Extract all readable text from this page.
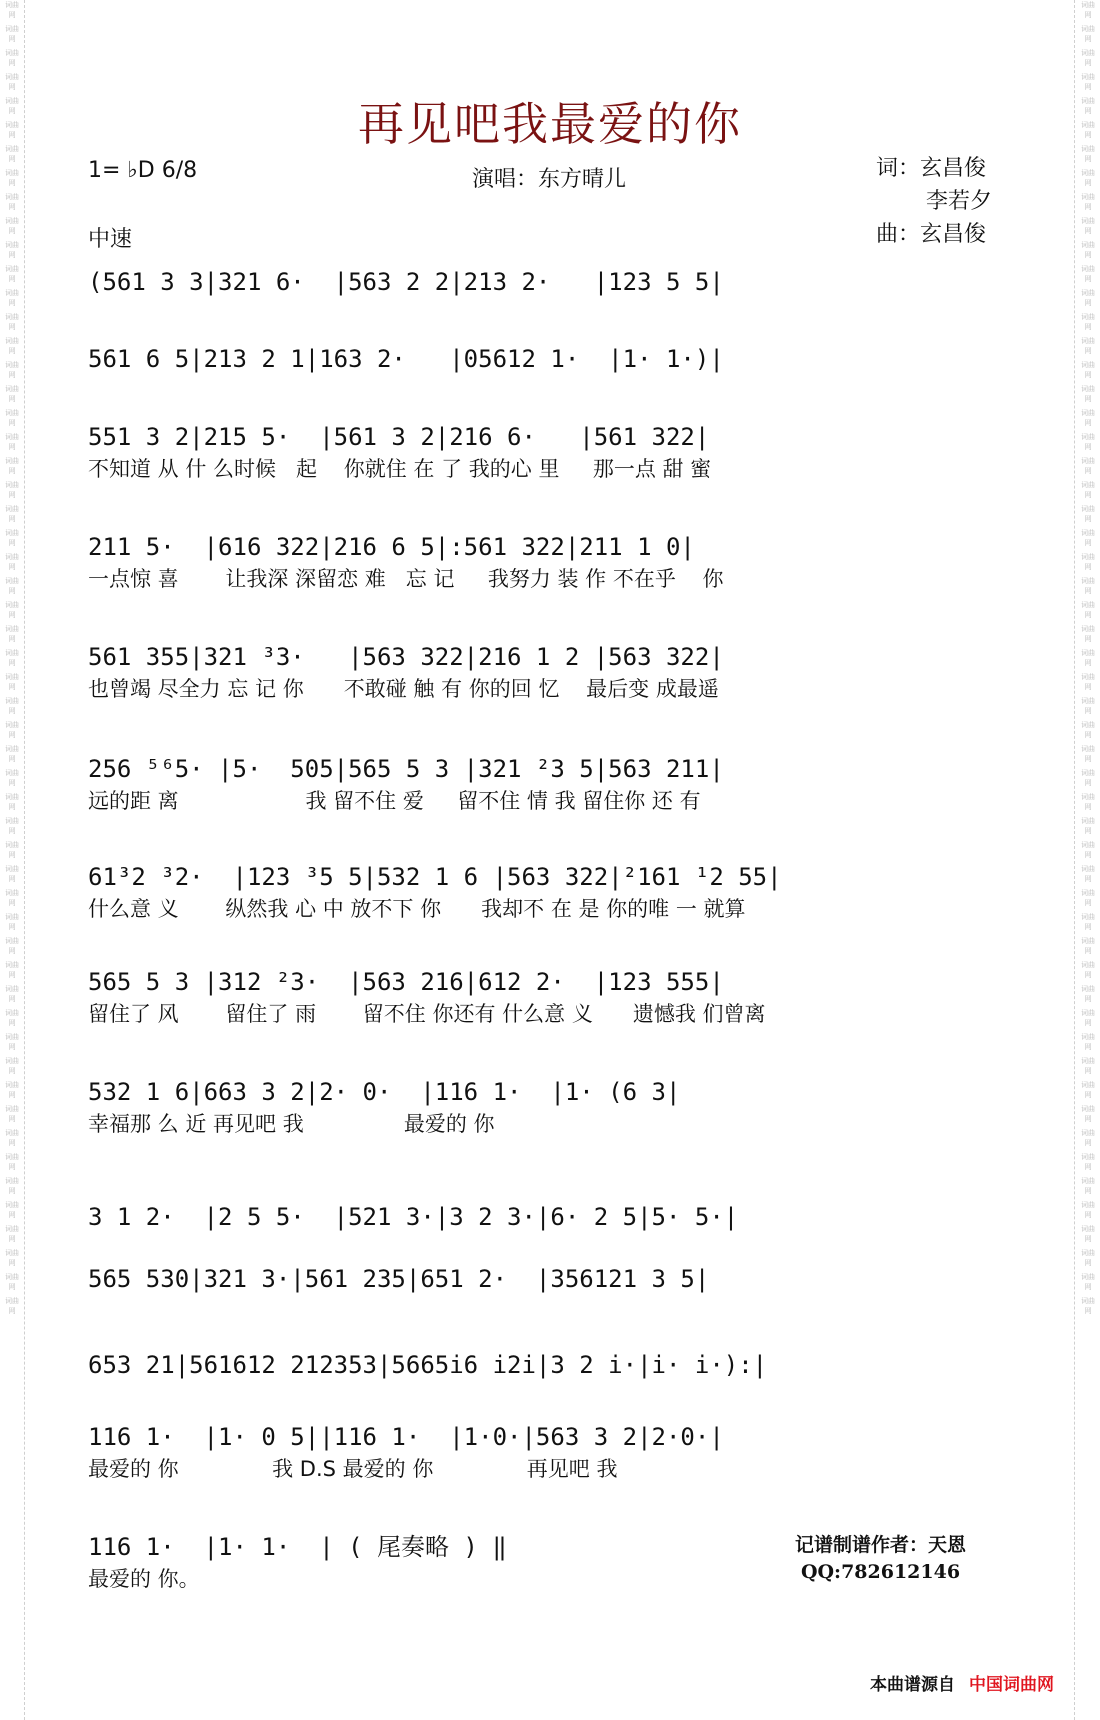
再见吧我最爱的你
1= ♭D 6/8
中速
演唱：东方晴儿	词：玄昌俊
李若夕
曲：玄昌俊
(561 3 3|321 6·  |563 2 2|213 2·   |123 5 5|
561 6 5|213 2 1|163 2·   |05612 1·  |1· 1·)|
551 3 2|215 5·  |561 3 2|216 6·   |561 322|
不知道 从 什 么时候   起    你就住 在 了 我的心 里     那一点 甜 蜜
211 5·  |616 322|216 6 5|:561 322|211 1 0|
一点惊 喜       让我深 深留恋 难   忘 记     我努力 装 作 不在乎    你
561 355|321 ³3·   |563 322|216 1 2 |563 322|
也曾竭 尽全力 忘 记 你      不敢碰 触 有 你的回 忆    最后变 成最遥
256 ⁵⁶5· |5·  505|565 5 3 |321 ²3 5|563 211|
远的距 离                   我 留不住 爱     留不住 情 我 留住你 还 有
61³2 ³2·  |123 ³5 5|532 1 6 |563 322|²161 ¹2 55|
什么意 义       纵然我 心 中 放不下 你      我却不 在 是 你的唯 一 就算
565 5 3 |312 ²3·  |563 216|612 2·  |123 555|
留住了 风       留住了 雨       留不住 你还有 什么意 义      遗憾我 们曾离
532 1 6|663 3 2|2· 0·  |116 1·  |1· (6 3|
幸福那 么 近 再见吧 我               最爱的 你
3 1 2·  |2 5 5·  |521 3·|3 2 3·|6· 2 5|5· 5·|
565 530|321 3·|561 235|651 2·  |356121 3 5|
653 21|561612 212353|5665i6 i2i|3 2 i·|i· i·):|
116 1·  |1· 0 5||116 1·  |1·0·|563 3 2|2·0·|
最爱的 你              我 D.S 最爱的 你              再见吧 我
116 1·  |1· 1·  | ( 尾奏略 ) ‖
最爱的 你。
记谱制谱作者：天恩
QQ:782612146
本曲谱源自 中国词曲网
词曲网
词曲网
词曲网
词曲网
词曲网
词曲网
词曲网
词曲网
词曲网
词曲网
词曲网
词曲网
词曲网
词曲网
词曲网
词曲网
词曲网
词曲网
词曲网
词曲网
词曲网
词曲网
词曲网
词曲网
词曲网
词曲网
词曲网
词曲网
词曲网
词曲网
词曲网
词曲网
词曲网
词曲网
词曲网
词曲网
词曲网
词曲网
词曲网
词曲网
词曲网
词曲网
词曲网
词曲网
词曲网
词曲网
词曲网
词曲网
词曲网
词曲网
词曲网
词曲网
词曲网
词曲网
词曲网
词曲网
词曲网
词曲网
词曲网
词曲网
词曲网
词曲网
词曲网
词曲网
词曲网
词曲网
词曲网
词曲网
词曲网
词曲网
词曲网
词曲网
词曲网
词曲网
词曲网
词曲网
词曲网
词曲网
词曲网
词曲网
词曲网
词曲网
词曲网
词曲网
词曲网
词曲网
词曲网
词曲网
词曲网
词曲网
词曲网
词曲网
词曲网
词曲网
词曲网
词曲网
词曲网
词曲网
词曲网
词曲网
词曲网
词曲网
词曲网
词曲网
词曲网
词曲网
词曲网
词曲网
词曲网
词曲网
